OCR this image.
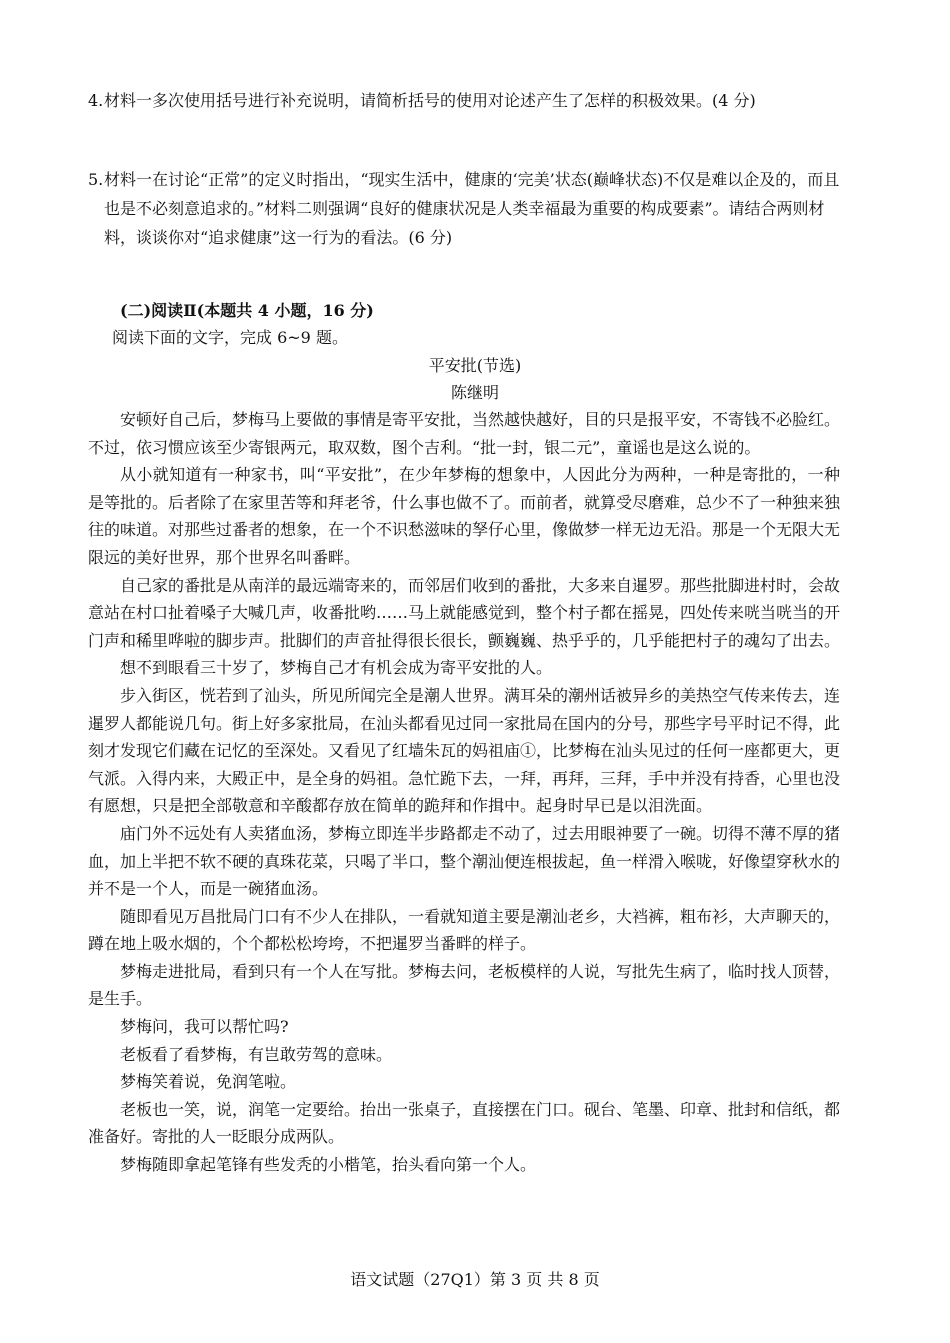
4. 材料一多次使用括号进行补充说明，请简析括号的使用对论述产生了怎样的积极效果。(4 分)
5. 材料一在讨论“正常”的定义时指出，“现实生活中，健康的‘完美’状态(巅峰状态)不仅是难以企及的，而且也是不必刻意追求的。”材料二则强调“良好的健康状况是人类幸福最为重要的构成要素”。请结合两则材料，谈谈你对“追求健康”这一行为的看法。(6 分)
(二)阅读Ⅱ(本题共 4 小题，16 分)
阅读下面的文字，完成 6~9 题。
平安批(节选)
陈继明

安顿好自己后，梦梅马上要做的事情是寄平安批，当然越快越好，目的只是报平安，不寄钱不必脸红。不过，依习惯应该至少寄银两元，取双数，图个吉利。“批一封，银二元”，童谣也是这么说的。

从小就知道有一种家书，叫“平安批”，在少年梦梅的想象中，人因此分为两种，一种是寄批的，一种是等批的。后者除了在家里苦等和拜老爷，什么事也做不了。而前者，就算受尽磨难，总少不了一种独来独往的味道。对那些过番者的想象，在一个不识愁滋味的孥仔心里，像做梦一样无边无沿。那是一个无限大无限远的美好世界，那个世界名叫番畔。

自己家的番批是从南洋的最远端寄来的，而邻居们收到的番批，大多来自暹罗。那些批脚进村时，会故意站在村口扯着嗓子大喊几声，收番批哟……马上就能感觉到，整个村子都在摇晃，四处传来咣当咣当的开门声和稀里哗啦的脚步声。批脚们的声音扯得很长很长，颤巍巍、热乎乎的，几乎能把村子的魂勾了出去。

想不到眼看三十岁了，梦梅自己才有机会成为寄平安批的人。

步入街区，恍若到了汕头，所见所闻完全是潮人世界。满耳朵的潮州话被异乡的美热空气传来传去，连暹罗人都能说几句。街上好多家批局，在汕头都看见过同一家批局在国内的分号，那些字号平时记不得，此刻才发现它们藏在记忆的至深处。又看见了红墙朱瓦的妈祖庙①，比梦梅在汕头见过的任何一座都更大，更气派。入得内来，大殿正中，是全身的妈祖。急忙跪下去，一拜，再拜，三拜，手中并没有持香，心里也没有愿想，只是把全部敬意和辛酸都存放在简单的跪拜和作揖中。起身时早已是以泪洗面。

庙门外不远处有人卖猪血汤，梦梅立即连半步路都走不动了，过去用眼神要了一碗。切得不薄不厚的猪血，加上半把不软不硬的真珠花菜，只喝了半口，整个潮汕便连根拔起，鱼一样滑入喉咙，好像望穿秋水的并不是一个人，而是一碗猪血汤。

随即看见万昌批局门口有不少人在排队，一看就知道主要是潮汕老乡，大裆裤，粗布衫，大声聊天的，蹲在地上吸水烟的，个个都松松垮垮，不把暹罗当番畔的样子。

梦梅走进批局，看到只有一个人在写批。梦梅去问，老板模样的人说，写批先生病了，临时找人顶替，是生手。

梦梅问，我可以帮忙吗?

老板看了看梦梅，有岂敢劳驾的意味。

梦梅笑着说，免润笔啦。

老板也一笑，说，润笔一定要给。抬出一张桌子，直接摆在门口。砚台、笔墨、印章、批封和信纸，都准备好。寄批的人一眨眼分成两队。

梦梅随即拿起笔锋有些发秃的小楷笔，抬头看向第一个人。

语文试题（27Q1）第 3 页 共 8 页
